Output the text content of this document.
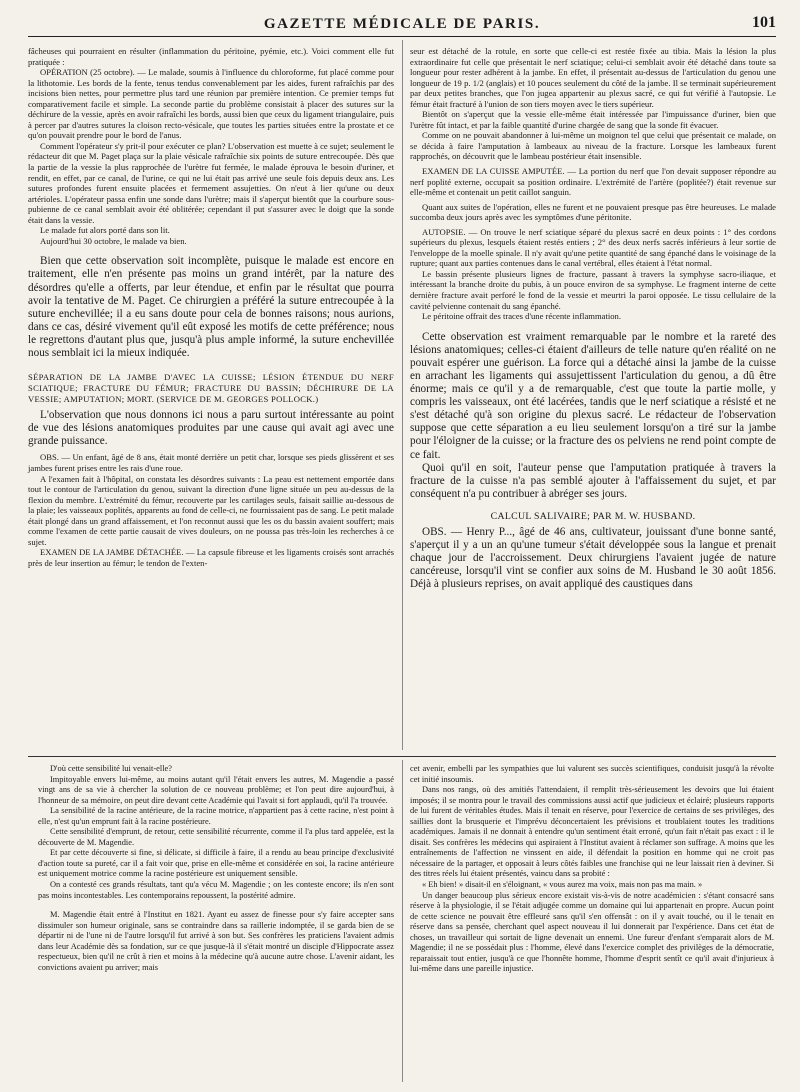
GAZETTE MÉDICALE DE PARIS.	101

fâcheuses qui pourraient en résulter (inflammation du péritoine, pyémie, etc.). Voici comment elle fut pratiquée :

OPÉRATION (25 octobre). — Le malade, soumis à l'influence du chloroforme, fut placé comme pour la lithotomie. Les bords de la fente, tenus tendus convenablement par les aides, furent rafraîchis par des incisions bien nettes, pour permettre plus tard une réunion par première intention. Ce premier temps fut comparativement facile et simple. La seconde partie du problème consistait à placer des sutures sur la déchirure de la vessie, après en avoir rafraîchi les bords, aussi bien que ceux du ligament triangulaire, puis à percer par d'autres sutures la cloison recto-vésicale, que toutes les parties situées entre la prostate et ce qu'on pouvait prendre pour le bord de l'anus.

Comment l'opérateur s'y prit-il pour exécuter ce plan? L'observation est muette à ce sujet; seulement le rédacteur dit que M. Paget plaça sur la plaie vésicale rafraîchie six points de suture entrecoupée. Dès que la partie de la vessie la plus rapprochée de l'urètre fut fermée, le malade éprouva le besoin d'uriner, et rendit, en effet, par ce canal, de l'urine, ce qui ne lui était pas arrivé une seule fois depuis deux ans. Les sutures profondes furent ensuite placées et fermement assujetties. On n'eut à lier qu'une ou deux artérioles. L'opérateur passa enfin une sonde dans l'urètre; mais il s'aperçut bientôt que la courbure sous-pubienne de ce canal semblait avoir été oblitérée; cependant il put s'assurer avec le doigt que la sonde était dans la vessie.

Le malade fut alors porté dans son lit.

Aujourd'hui 30 octobre, le malade va bien.

Bien que cette observation soit incomplète, puisque le malade est encore en traitement, elle n'en présente pas moins un grand intérêt, par la nature des désordres qu'elle a offerts, par leur étendue, et enfin par le résultat que pourra avoir la tentative de M. Paget. Ce chirurgien a préféré la suture entrecoupée à la suture enchevillée; il a eu sans doute pour cela de bonnes raisons; nous aurions, dans ce cas, désiré vivement qu'il eût exposé les motifs de cette préférence; nous le regrettons d'autant plus que, jusqu'à plus ample informé, la suture enchevillée nous semblait ici la mieux indiquée.

SÉPARATION DE LA JAMBE D'AVEC LA CUISSE; LÉSION ÉTENDUE DU NERF SCIATIQUE; FRACTURE DU FÉMUR; FRACTURE DU BASSIN; DÉCHIRURE DE LA VESSIE; AMPUTATION; MORT. (SERVICE DE M. GEORGES POLLOCK.)

L'observation que nous donnons ici nous a paru surtout intéressante au point de vue des lésions anatomiques produites par une cause qui avait agi avec une grande puissance.

OBS. — Un enfant, âgé de 8 ans, était monté derrière un petit char, lorsque ses pieds glissèrent et ses jambes furent prises entre les rais d'une roue.

A l'examen fait à l'hôpital, on constata les désordres suivants : La peau est nettement emportée dans tout le contour de l'articulation du genou, suivant la direction d'une ligne située un peu au-dessus de la flexion du membre. L'extrémité du fémur, recouverte par les cartilages seuls, faisait saillie au-dessous de la plaie; les vaisseaux poplités, apparents au fond de celle-ci, ne fournissaient pas de sang. Le petit malade était plongé dans un grand affaissement, et l'on reconnut aussi que les os du bassin avaient souffert; mais comme l'examen de cette partie causait de vives douleurs, on ne poussa pas très-loin les recherches à ce sujet.

EXAMEN DE LA JAMBE DÉTACHÉE. — La capsule fibreuse et les ligaments croisés sont arrachés près de leur insertion au fémur; le tendon de l'exten-

seur est détaché de la rotule, en sorte que celle-ci est restée fixée au tibia. Mais la lésion la plus extraordinaire fut celle que présentait le nerf sciatique; celui-ci semblait avoir été détaché dans toute sa longueur pour rester adhérent à la jambe. En effet, il présentait au-dessus de l'articulation du genou une longueur de 19 p. 1/2 (anglais) et 10 pouces seulement du côté de la jambe. Il se terminait supérieurement par deux petites branches, que l'on jugea appartenir au plexus sacré, ce qui fut vérifié à l'autopsie. Le fémur était fracturé à l'union de son tiers moyen avec le tiers supérieur.

Bientôt on s'aperçut que la vessie elle-même était intéressée par l'impuissance d'uriner, bien que l'urètre fût intact, et par la faible quantité d'urine chargée de sang que la sonde fit évacuer.

Comme on ne pouvait abandonner à lui-même un moignon tel que celui que présentait ce malade, on se décida à faire l'amputation à lambeaux au niveau de la fracture. Lorsque les lambeaux furent rapprochés, on découvrit que le lambeau postérieur était insensible.

EXAMEN DE LA CUISSE AMPUTÉE. — La portion du nerf que l'on devait supposer répondre au nerf poplité externe, occupait sa position ordinaire. L'extrémité de l'artère (poplitée?) était revenue sur elle-même et contenait un petit caillot sanguin.

Quant aux suites de l'opération, elles ne furent et ne pouvaient presque pas être heureuses. Le malade succomba deux jours après avec les symptômes d'une péritonite.

AUTOPSIE. — On trouve le nerf sciatique séparé du plexus sacré en deux points : 1° des cordons supérieurs du plexus, lesquels étaient restés entiers ; 2° des deux nerfs sacrés inférieurs à leur sortie de l'enveloppe de la moelle spinale. Il n'y avait qu'une petite quantité de sang épanché dans le voisinage de la rupture; quant aux parties contenues dans le canal vertébral, elles étaient à l'état normal.

Le bassin présente plusieurs lignes de fracture, passant à travers la symphyse sacro-iliaque, et intéressant la branche droite du pubis, à un pouce environ de sa symphyse. Le fragment interne de cette dernière fracture avait perforé le fond de la vessie et meurtri la paroi opposée. Le tissu cellulaire de la cavité pelvienne contenait du sang épanché.

Le péritoine offrait des traces d'une récente inflammation.

Cette observation est vraiment remarquable par le nombre et la rareté des lésions anatomiques; celles-ci étaient d'ailleurs de telle nature qu'en réalité on ne pouvait espérer une guérison. La force qui a détaché ainsi la jambe de la cuisse en arrachant les ligaments qui assujettissent l'articulation du genou, a dû être énorme; mais ce qu'il y a de remarquable, c'est que toute la partie molle, y compris les vaisseaux, ont été lacérées, tandis que le nerf sciatique a résisté et ne s'est détaché qu'à son origine du plexus sacré. Le rédacteur de l'observation suppose que cette séparation a eu lieu seulement lorsqu'on a tiré sur la jambe pour l'éloigner de la cuisse; or la fracture des os pelviens ne rend point compte de ce fait.

Quoi qu'il en soit, l'auteur pense que l'amputation pratiquée à travers la fracture de la cuisse n'a pas semblé ajouter à l'affaissement du sujet, et par conséquent n'a pu contribuer à abréger ses jours.

CALCUL SALIVAIRE; PAR M. W. HUSBAND.

OBS. — Henry P..., âgé de 46 ans, cultivateur, jouissant d'une bonne santé, s'aperçut il y a un an qu'une tumeur s'était développée sous la langue et prenait chaque jour de l'accroissement. Deux chirurgiens l'avaient jugée de nature cancéreuse, lorsqu'il vint se confier aux soins de M. Husband le 30 août 1856. Déjà à plusieurs reprises, on avait appliqué des caustiques dans

D'où cette sensibilité lui venait-elle?

Impitoyable envers lui-même, au moins autant qu'il l'était envers les autres, M. Magendie a passé vingt ans de sa vie à chercher la solution de ce nouveau problème; et l'on peut dire aujourd'hui, à l'honneur de sa mémoire, on peut dire devant cette Académie qui l'avait si fort applaudi, qu'il l'a trouvée.

La sensibilité de la racine antérieure, de la racine motrice, n'appartient pas à cette racine, n'est point à elle, n'est qu'un emprunt fait à la racine postérieure.

Cette sensibilité d'emprunt, de retour, cette sensibilité récurrente, comme il l'a plus tard appelée, est la découverte de M. Magendie.

Et par cette découverte si fine, si délicate, si difficile à faire, il a rendu au beau principe d'exclusivité d'action toute sa pureté, car il a fait voir que, prise en elle-même et considérée en soi, la racine antérieure est uniquement motrice comme la racine postérieure est uniquement sensible.

On a contesté ces grands résultats, tant qu'a vécu M. Magendie ; on les conteste encore; ils n'en sont pas moins incontestables. Les contemporains repoussent, la postérité admire.

M. Magendie était entré à l'Institut en 1821. Ayant eu assez de finesse pour s'y faire accepter sans dissimuler son humeur originale, sans se contraindre dans sa raillerie indomptée, il se garda bien de se départir ni de l'une ni de l'autre lorsqu'il fut arrivé à son but. Ses confrères les praticiens l'avaient admis dans leur Académie dès sa fondation, sur ce que jusque-là il s'était montré un disciple d'Hippocrate assez respectueux, bien qu'il ne crût à rien et moins à la médecine qu'à aucune autre chose. L'avenir aidant, les convictions avaient pu arriver; mais

cet avenir, embelli par les sympathies que lui valurent ses succès scientifiques, conduisit jusqu'à la révolte cet initié insoumis.

Dans nos rangs, où des amitiés l'attendaient, il remplit très-sérieusement les devoirs que lui étaient imposés; il se montra pour le travail des commissions aussi actif que judicieux et éclairé; plusieurs rapports de lui furent de véritables études. Mais il tenait en réserve, pour l'exercice de certains de ses privilèges, des saillies dont la brusquerie et l'imprévu déconcertaient les prévisions et troublaient toutes les traditions académiques. Jamais il ne donnait à entendre qu'un sentiment était erroné, qu'un fait n'était pas exact : il le disait. Ses confrères les médecins qui aspiraient à l'Institut avaient à réclamer son suffrage. A moins que les entraînements de l'affection ne vinssent en aide, il défendait la position en homme qui ne croit pas nécessaire de la partager, et opposait à leurs côtés faibles une franchise qui ne leur laissait rien à deviner. Si des titres réels lui étaient présentés, vaincu dans sa probité :

« Eh bien! » disait-il en s'éloignant, « vous aurez ma voix, mais non pas ma main. »

Un danger beaucoup plus sérieux encore existait vis-à-vis de notre académicien : s'étant consacré sans réserve à la physiologie, il se l'était adjugée comme un domaine qui lui appartenait en propre. Aucun point de cette science ne pouvait être effleuré sans qu'il s'en offensât : on il y avait touché, ou il le tenait en réserve dans sa pensée, cherchant quel aspect nouveau il lui donnerait par l'expérience. Dans cet état de choses, un travailleur qui sortait de ligne devenait un ennemi. Une fureur d'enfant s'emparait alors de M. Magendie; il ne se possédait plus : l'homme, élevé dans l'exercice complet des privilèges de la démocratie, reparaissait tout entier, jusqu'à ce que l'honnête homme, l'homme d'esprit sentît ce qu'il avait d'injurieux à lui-même dans une pareille injustice.
